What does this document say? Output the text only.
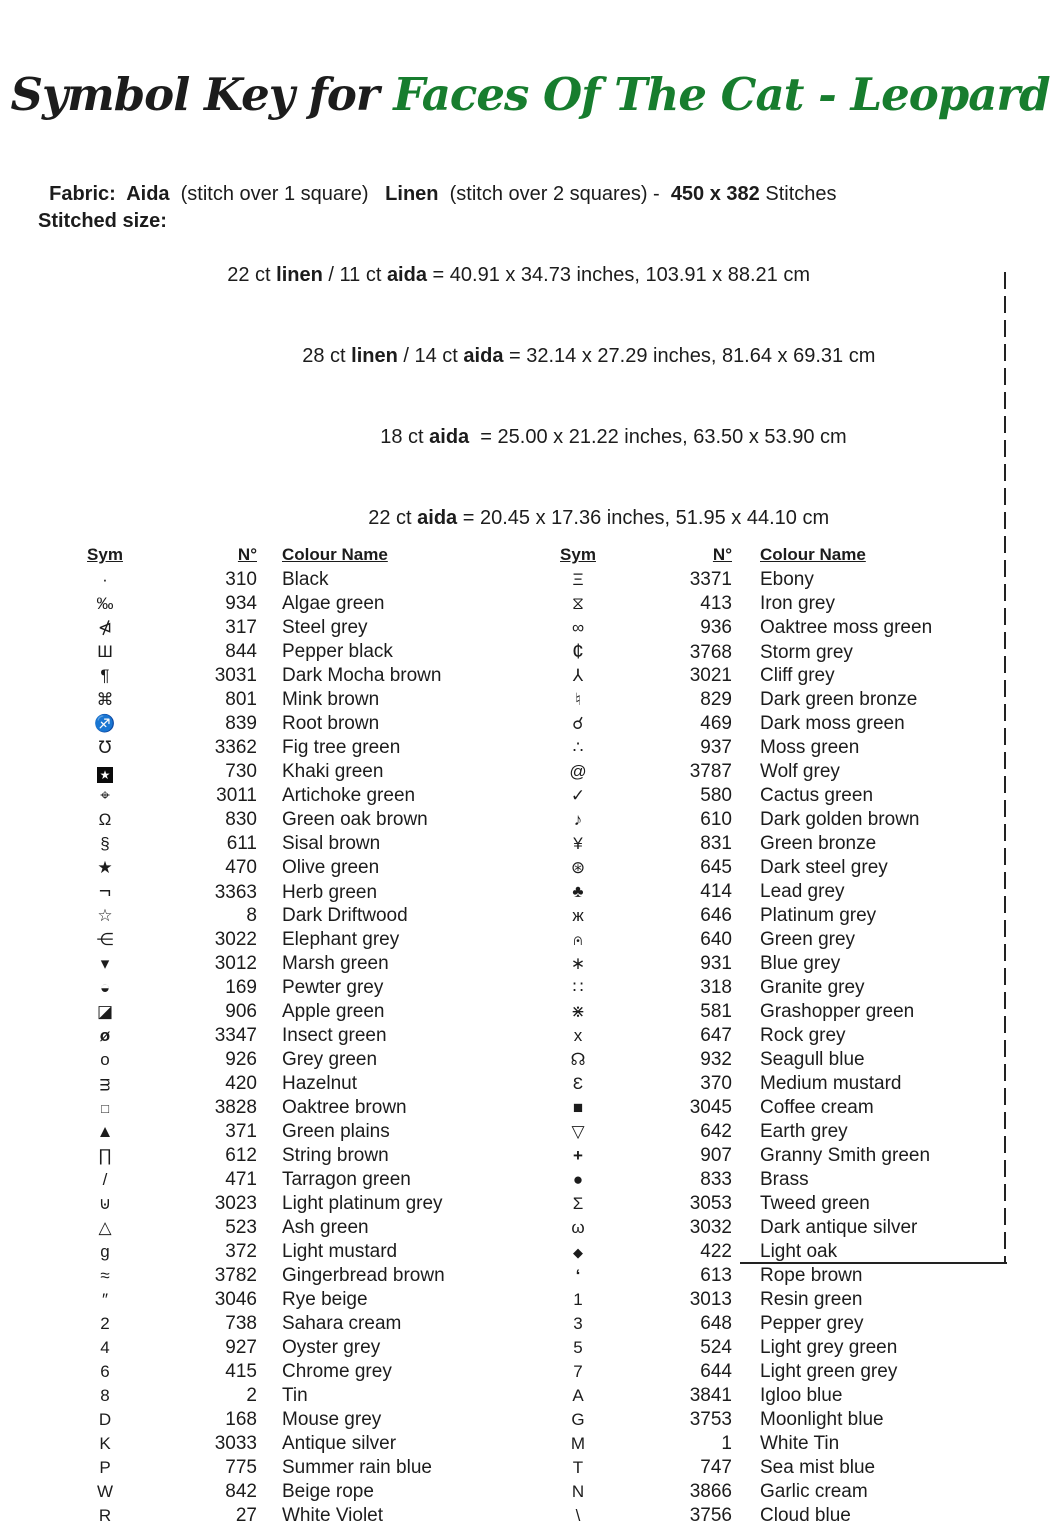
Symbol Key for Faces Of The Cat - Leopard

Fabric:  Aida  (stitch over 1 square)   Linen  (stitch over 2 squares) -  450 x 382 Stitches
Stitched size:

22 ct linen / 11 ct aida = 40.91 x 34.73 inches, 103.91 x 88.21 cm

28 ct linen / 14 ct aida = 32.14 x 27.29 inches, 81.64 x 69.31 cm

18 ct aida  = 25.00 x 21.22 inches, 63.50 x 53.90 cm

22 ct aida = 20.45 x 17.36 inches, 51.95 x 44.10 cm
Sym	N°	Colour Name
·	310	Black
‰	934	Algae green
⋪	317	Steel grey
Ш	844	Pepper black
¶	3031	Dark Mocha brown
⌘	801	Mink brown
♐	839	Root brown
℧	3362	Fig tree green
★	730	Khaki green
⌖	3011	Artichoke green
Ω	830	Green oak brown
§	611	Sisal brown
★	470	Olive green
¬	3363	Herb green
☆	8	Dark Driftwood
⋲	3022	Elephant grey
▾	3012	Marsh green
◒	169	Pewter grey
◪	906	Apple green
ø	3347	Insect green
o	926	Grey green
ᴟ	420	Hazelnut
□	3828	Oaktree brown
▲	371	Green plains
∏	612	String brown
/	471	Tarragon green
⊍	3023	Light platinum grey
△	523	Ash green
g	372	Light mustard
≈	3782	Gingerbread brown
″	3046	Rye beige
2	738	Sahara cream
4	927	Oyster grey
6	415	Chrome grey
8	2	Tin
D	168	Mouse grey
K	3033	Antique silver
P	775	Summer rain blue
W	842	Beige rope
R	27	White Violet
Sym	N°	Colour Name
Ξ	3371	Ebony
⧖	413	Iron grey
∞	936	Oaktree moss green
¢	3768	Storm grey
⅄	3021	Cliff grey
♮	829	Dark green bronze
☌	469	Dark moss green
∴	937	Moss green
@	3787	Wolf grey
✓	580	Cactus green
♪	610	Dark golden brown
¥	831	Green bronze
⊛	645	Dark steel grey
♣	414	Lead grey
ж	646	Platinum grey
∩ •	640	Green grey
∗	931	Blue grey
∷	318	Granite grey
⋇	581	Grashopper green
x	647	Rock grey
☊	932	Seagull blue
Ɛ	370	Medium mustard
■	3045	Coffee cream
▽	642	Earth grey
+	907	Granny Smith green
●	833	Brass
Σ	3053	Tweed green
ω	3032	Dark antique silver
◆	422	Light oak
‘	613	Rope brown
1	3013	Resin green
3	648	Pepper grey
5	524	Light grey green
7	644	Light green grey
A	3841	Igloo blue
G	3753	Moonlight blue
M	1	White Tin
T	747	Sea mist blue
N	3866	Garlic cream
\	3756	Cloud blue
